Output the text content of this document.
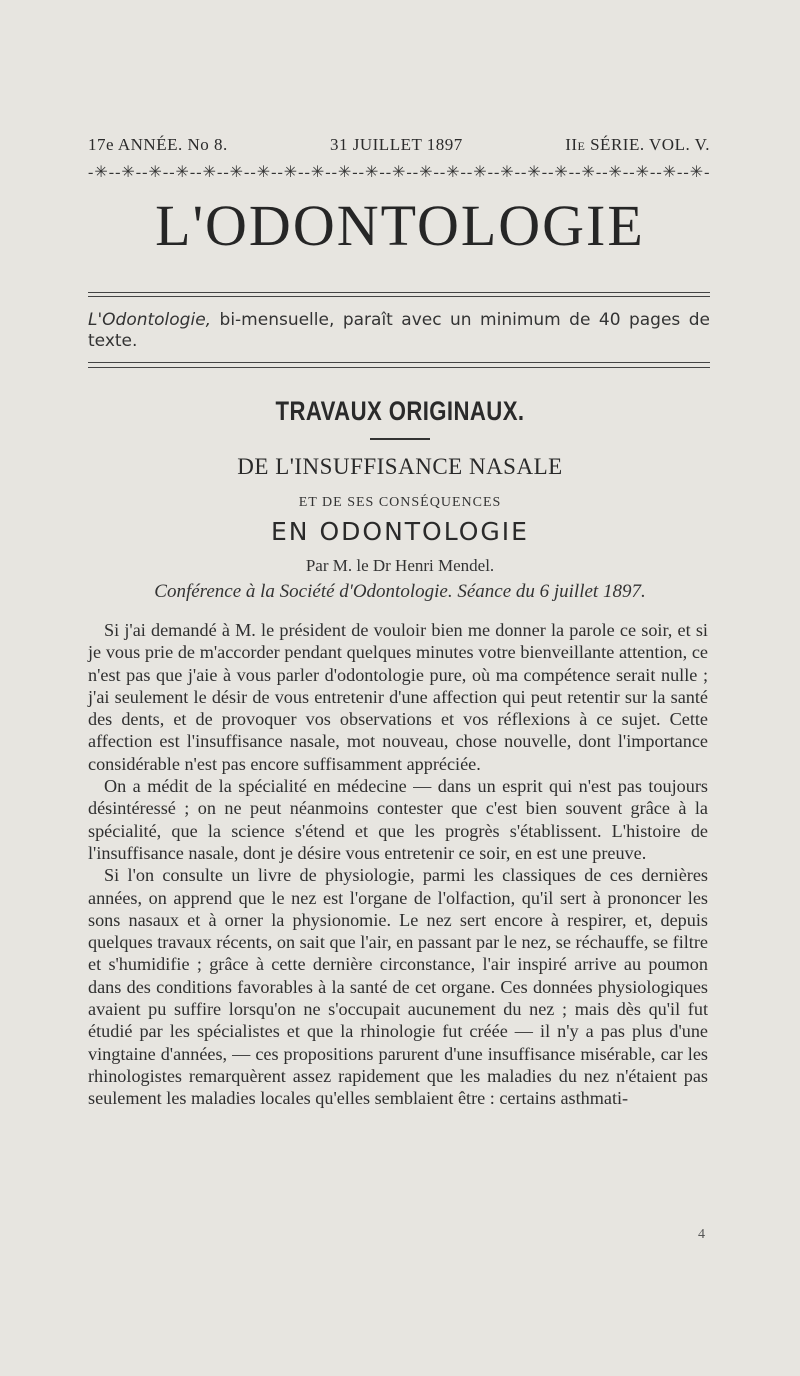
17e ANNÉE. No 8.	31 JUILLET 1897	IIe SÉRIE. VOL. V.
-✳--✳--✳--✳--✳--✳--✳--✳--✳--✳--✳--✳--✳--✳--✳--✳--✳--✳--✳--✳--✳--✳--✳-
L'ODONTOLOGIE
L'Odontologie, bi-mensuelle, paraît avec un minimum de 40 pages de texte.
TRAVAUX ORIGINAUX.
DE L'INSUFFISANCE NASALE
ET DE SES CONSÉQUENCES
EN ODONTOLOGIE
Par M. le Dr Henri Mendel.
Conférence à la Société d'Odontologie. Séance du 6 juillet 1897.

Si j'ai demandé à M. le président de vouloir bien me donner la parole ce soir, et si je vous prie de m'accorder pendant quelques minutes votre bienveillante attention, ce n'est pas que j'aie à vous parler d'odontologie pure, où ma compétence serait nulle ; j'ai seulement le désir de vous entretenir d'une affection qui peut retentir sur la santé des dents, et de provoquer vos observations et vos réflexions à ce sujet. Cette affection est l'insuffisance nasale, mot nouveau, chose nouvelle, dont l'importance considérable n'est pas encore suffisamment appréciée.

On a médit de la spécialité en médecine — dans un esprit qui n'est pas toujours désintéressé ; on ne peut néanmoins contester que c'est bien souvent grâce à la spécialité, que la science s'étend et que les progrès s'établissent. L'histoire de l'insuffisance nasale, dont je désire vous entretenir ce soir, en est une preuve.

Si l'on consulte un livre de physiologie, parmi les classiques de ces dernières années, on apprend que le nez est l'organe de l'olfaction, qu'il sert à prononcer les sons nasaux et à orner la physionomie. Le nez sert encore à respirer, et, depuis quelques travaux récents, on sait que l'air, en passant par le nez, se réchauffe, se filtre et s'humidifie ; grâce à cette dernière circonstance, l'air inspiré arrive au poumon dans des conditions favorables à la santé de cet organe. Ces données physiologiques avaient pu suffire lorsqu'on ne s'occupait aucunement du nez ; mais dès qu'il fut étudié par les spécialistes et que la rhinologie fut créée — il n'y a pas plus d'une vingtaine d'années, — ces propositions parurent d'une insuffisance misérable, car les rhinologistes remarquèrent assez rapidement que les maladies du nez n'étaient pas seulement les maladies locales qu'elles semblaient être : certains asthmati-

4
